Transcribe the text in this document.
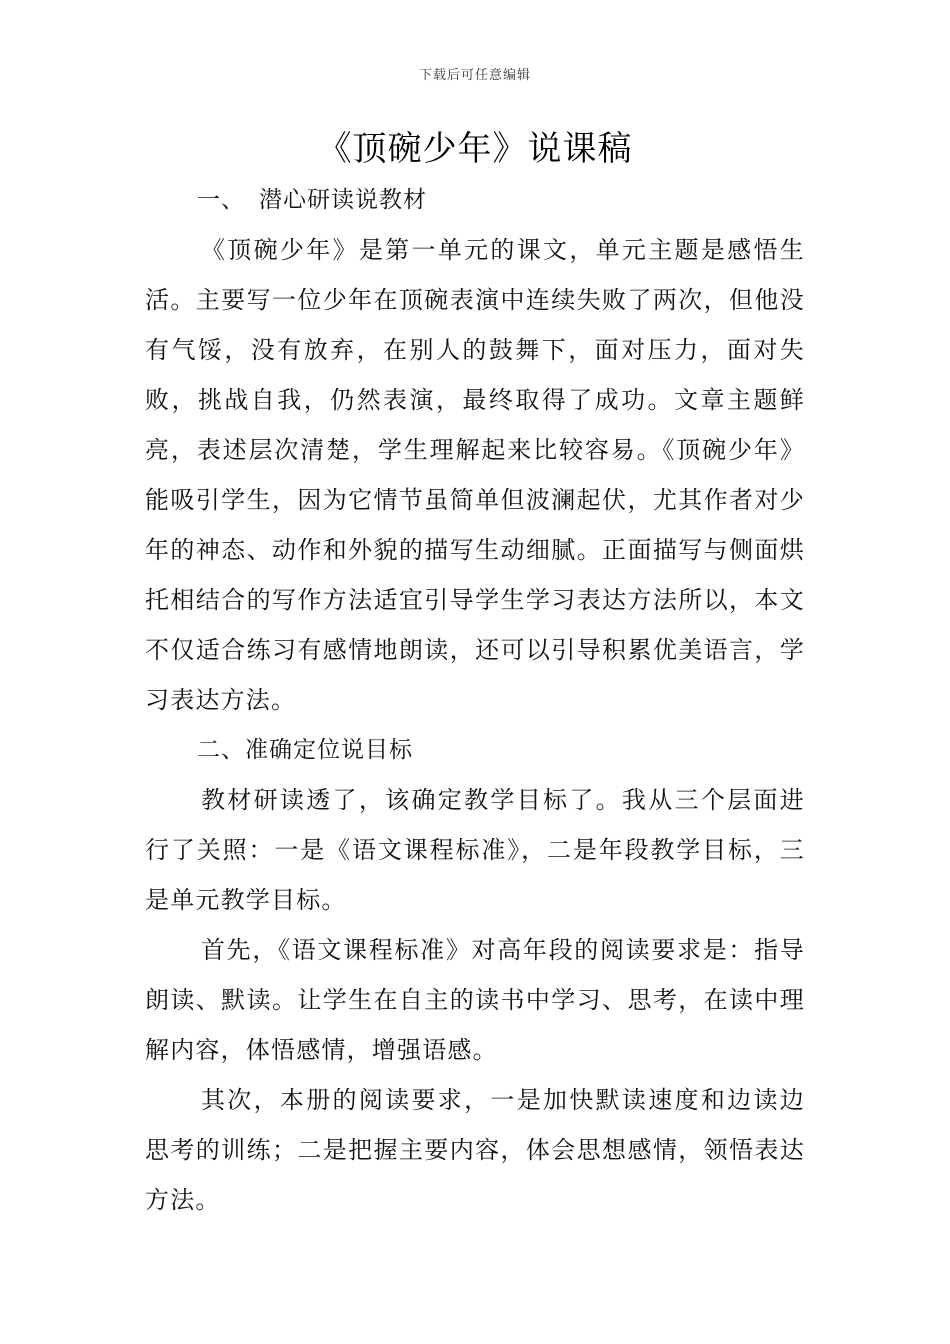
下载后可任意编辑
《顶碗少年》说课稿

一、 潜心研读说教材

《顶碗少年》是第一单元的课文，单元主题是感悟生活。主要写一位少年在顶碗表演中连续失败了两次，但他没有气馁，没有放弃，在别人的鼓舞下，面对压力，面对失败，挑战自我，仍然表演，最终取得了成功。文章主题鲜亮，表述层次清楚，学生理解起来比较容易。《顶碗少年》能吸引学生，因为它情节虽简单但波澜起伏，尤其作者对少年的神态、动作和外貌的描写生动细腻。正面描写与侧面烘托相结合的写作方法适宜引导学生学习表达方法所以，本文不仅适合练习有感情地朗读，还可以引导积累优美语言，学习表达方法。

二、准确定位说目标

教材研读透了，该确定教学目标了。我从三个层面进行了关照：一是《语文课程标准》，二是年段教学目标，三是单元教学目标。

首先，《语文课程标准》对高年段的阅读要求是：指导朗读、默读。让学生在自主的读书中学习、思考，在读中理解内容，体悟感情，增强语感。

其次，本册的阅读要求，一是加快默读速度和边读边思考的训练；二是把握主要内容，体会思想感情，领悟表达方法。
